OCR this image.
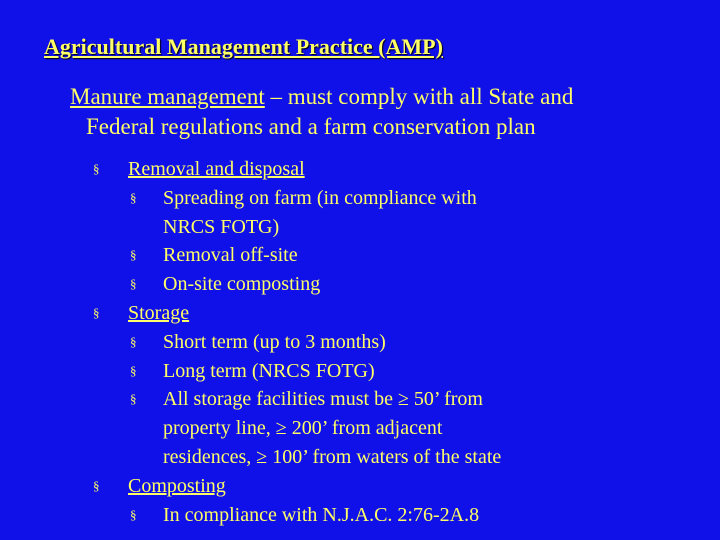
Agricultural Management Practice (AMP)
Manure management – must comply with all State and
Federal regulations and a farm conservation plan
§ Removal and disposal
§ Spreading on farm (in compliance with
NRCS FOTG)
§ Removal off-site
§ On-site composting
§ Storage
§ Short term (up to 3 months)
§ Long term (NRCS FOTG)
§ All storage facilities must be ≥ 50’ from
property line, ≥ 200’ from adjacent
residences, ≥ 100’ from waters of the state
§ Composting
§ In compliance with N.J.A.C. 2:76-2A.8
